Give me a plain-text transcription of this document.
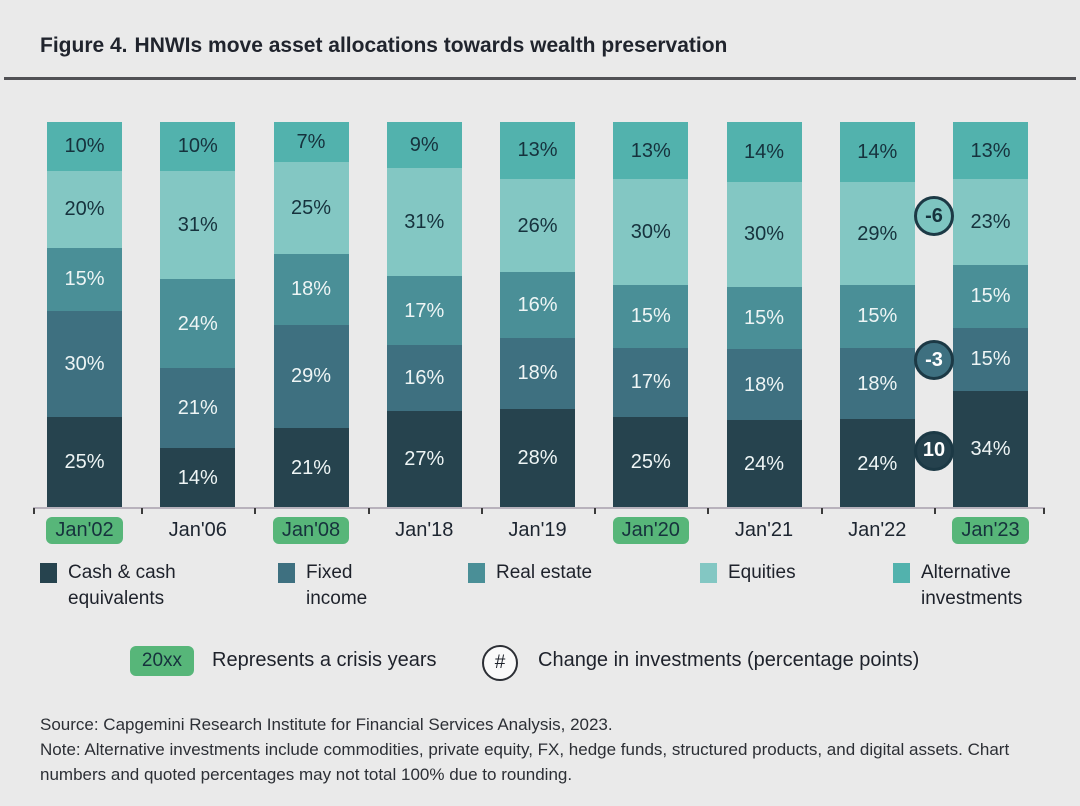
Figure 4. HNWIs move asset allocations towards wealth preservation
10%
20%
15%
30%
25%
10%
31%
24%
21%
14%
7%
25%
18%
29%
21%
9%
31%
17%
16%
27%
13%
26%
16%
18%
28%
13%
30%
15%
17%
25%
14%
30%
15%
18%
24%
14%
29%
15%
18%
24%
13%
23%
15%
15%
34%
-6
-3
10
Jan'02	Jan'06	Jan'08	Jan'18	Jan'19	Jan'20	Jan'21	Jan'22	Jan'23
Cash & cash equivalents
Fixed income
Real estate	Equities	Alternative investments
20xx	Represents a crisis years	#	Change in investments (percentage points)

Source: Capgemini Research Institute for Financial Services Analysis, 2023.

Note: Alternative investments include commodities, private equity, FX, hedge funds, structured products, and digital assets. Chart numbers and quoted percentages may not total 100% due to rounding.
